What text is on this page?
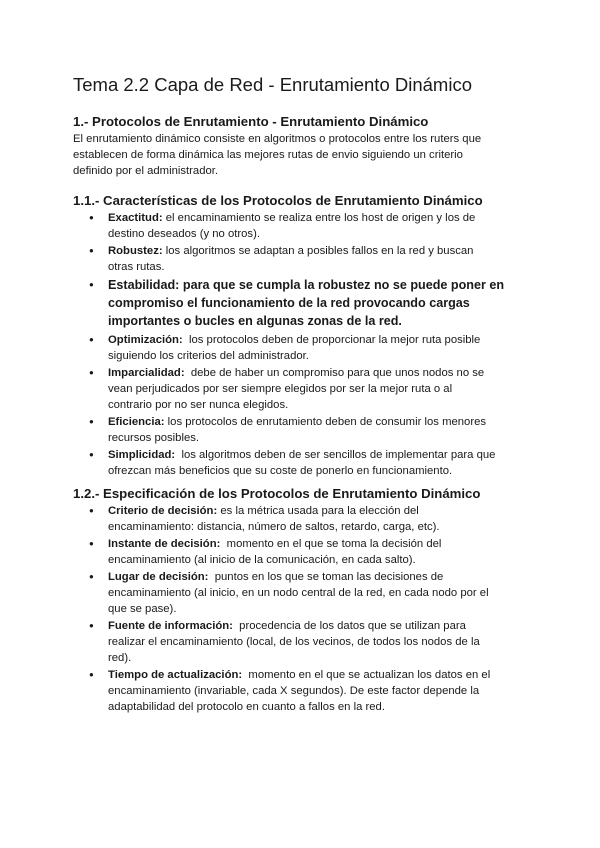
Tema 2.2 Capa de Red - Enrutamiento Dinámico
1.- Protocolos de Enrutamiento - Enrutamiento Dinámico

El enrutamiento dinámico consiste en algoritmos o protocolos entre los ruters que

establecen de forma dinámica las mejores rutas de envio siguiendo un criterio

definido por el administrador.

1.1.- Características de los Protocolos de Enrutamiento Dinámico
● Exactitud: el encaminamiento se realiza entre los host de origen y los de
destino deseados (y no otros).
● Robustez: los algoritmos se adaptan a posibles fallos en la red y buscan
otras rutas.
● Estabilidad: para que se cumpla la robustez no se puede poner en
compromiso el funcionamiento de la red provocando cargas
importantes o bucles en algunas zonas de la red.
● Optimización:  los protocolos deben de proporcionar la mejor ruta posible
siguiendo los criterios del administrador.
● Imparcialidad:  debe de haber un compromiso para que unos nodos no se
vean perjudicados por ser siempre elegidos por ser la mejor ruta o al
contrario por no ser nunca elegidos.
● Eficiencia: los protocolos de enrutamiento deben de consumir los menores
recursos posibles.
● Simplicidad:  los algoritmos deben de ser sencillos de implementar para que
ofrezcan más beneficios que su coste de ponerlo en funcionamiento.
1.2.- Especificación de los Protocolos de Enrutamiento Dinámico
● Criterio de decisión: es la métrica usada para la elección del
encaminamiento: distancia, número de saltos, retardo, carga, etc).
● Instante de decisión:  momento en el que se toma la decisión del
encaminamiento (al inicio de la comunicación, en cada salto).
● Lugar de decisión:  puntos en los que se toman las decisiones de
encaminamiento (al inicio, en un nodo central de la red, en cada nodo por el
que se pase).
● Fuente de información:  procedencia de los datos que se utilizan para
realizar el encaminamiento (local, de los vecinos, de todos los nodos de la
red).
● Tiempo de actualización:  momento en el que se actualizan los datos en el
encaminamiento (invariable, cada X segundos). De este factor depende la
adaptabilidad del protocolo en cuanto a fallos en la red.
